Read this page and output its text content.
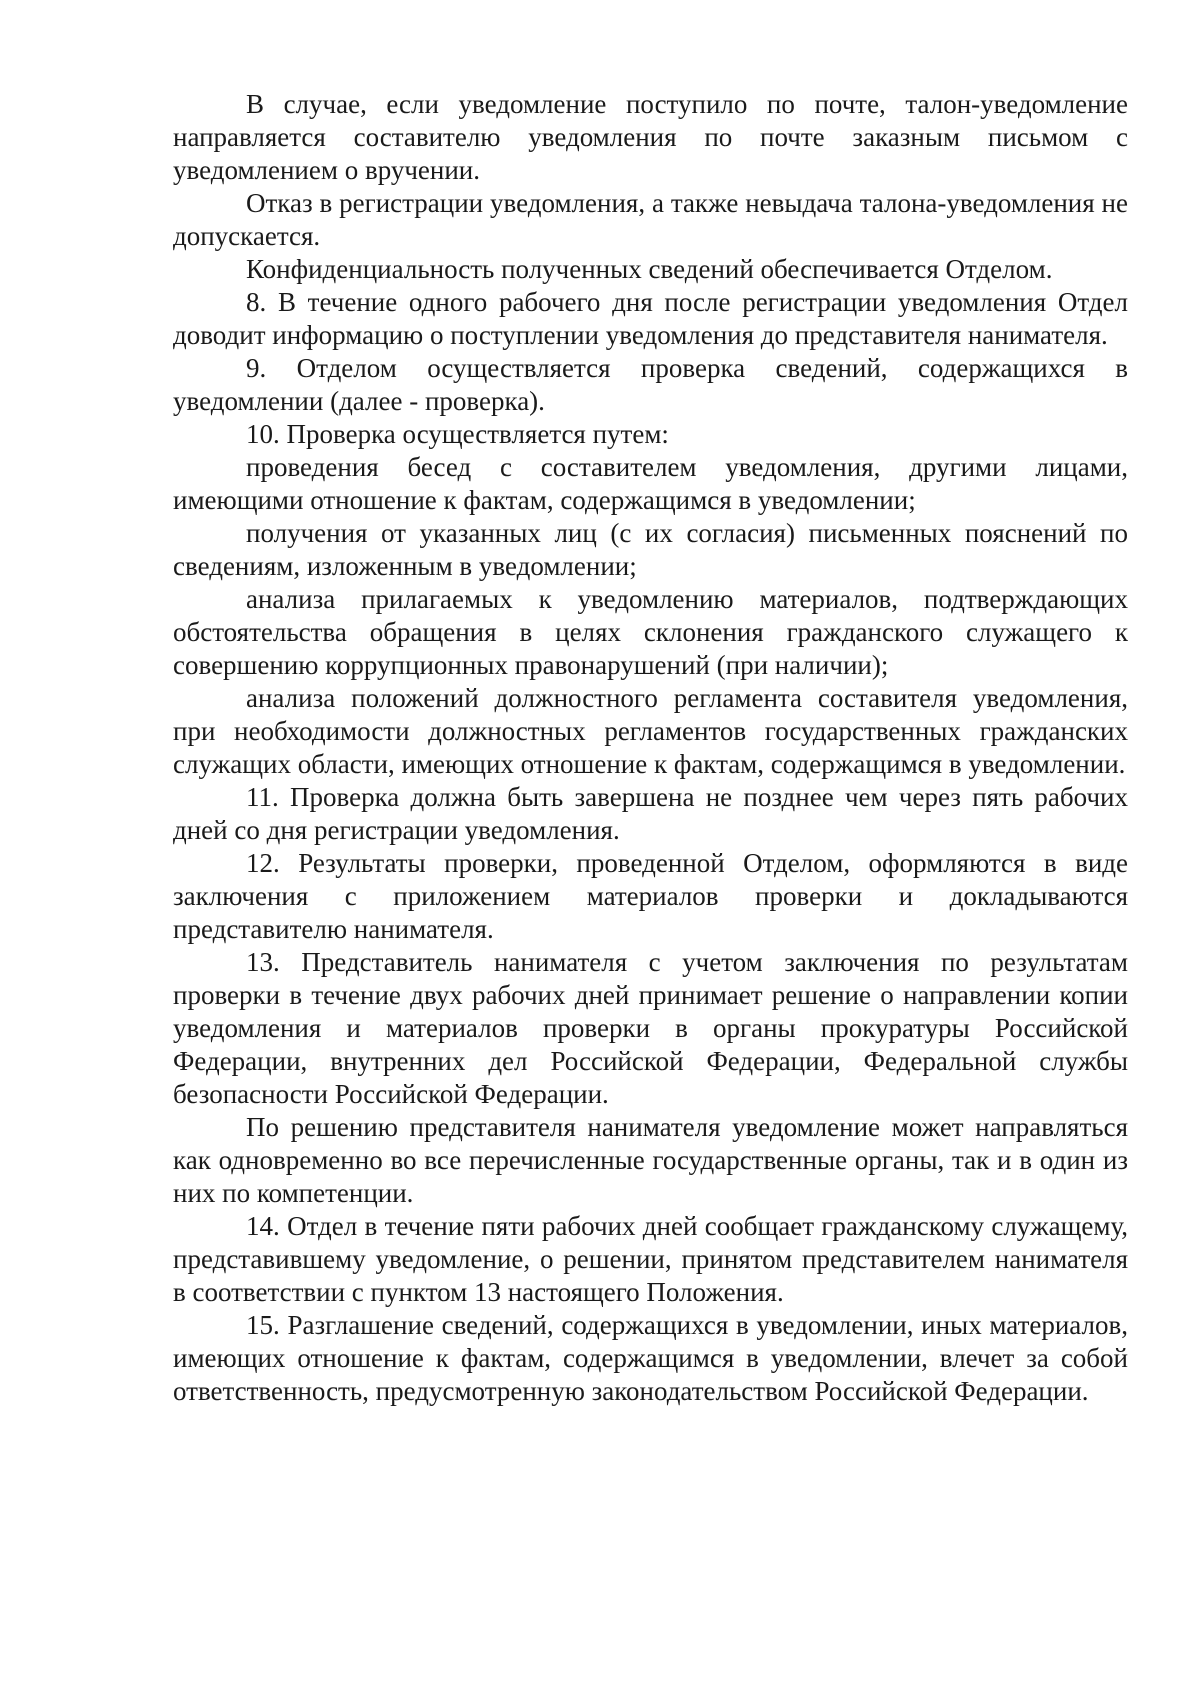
В случае, если уведомление поступило по почте, талон-уведомление направляется составителю уведомления по почте заказным письмом с уведомлением о вручении.

Отказ в регистрации уведомления, а также невыдача талона-уведомления не допускается.

Конфиденциальность полученных сведений обеспечивается Отделом.

8. В течение одного рабочего дня после регистрации уведомления Отдел доводит информацию о поступлении уведомления до представителя нанимателя.

9. Отделом осуществляется проверка сведений, содержащихся в уведомлении (далее - проверка).

10. Проверка осуществляется путем:

проведения бесед с составителем уведомления, другими лицами, имеющими отношение к фактам, содержащимся в уведомлении;

получения от указанных лиц (с их согласия) письменных пояснений по сведениям, изложенным в уведомлении;

анализа прилагаемых к уведомлению материалов, подтверждающих обстоятельства обращения в целях склонения гражданского служащего к совершению коррупционных правонарушений (при наличии);

анализа положений должностного регламента составителя уведомления, при необходимости должностных регламентов государственных гражданских служащих области, имеющих отношение к фактам, содержащимся в уведомлении.

11. Проверка должна быть завершена не позднее чем через пять рабочих дней со дня регистрации уведомления.

12. Результаты проверки, проведенной Отделом, оформляются в виде заключения с приложением материалов проверки и докладываются представителю нанимателя.

13. Представитель нанимателя с учетом заключения по результатам проверки в течение двух рабочих дней принимает решение о направлении копии уведомления и материалов проверки в органы прокуратуры Российской Федерации, внутренних дел Российской Федерации, Федеральной службы безопасности Российской Федерации.

По решению представителя нанимателя уведомление может направляться как одновременно во все перечисленные государственные органы, так и в один из них по компетенции.

14. Отдел в течение пяти рабочих дней сообщает гражданскому служащему, представившему уведомление, о решении, принятом представителем нанимателя в соответствии с пунктом 13 настоящего Положения.

15. Разглашение сведений, содержащихся в уведомлении, иных материалов, имеющих отношение к фактам, содержащимся в уведомлении, влечет за собой ответственность, предусмотренную законодательством Российской Федерации.
